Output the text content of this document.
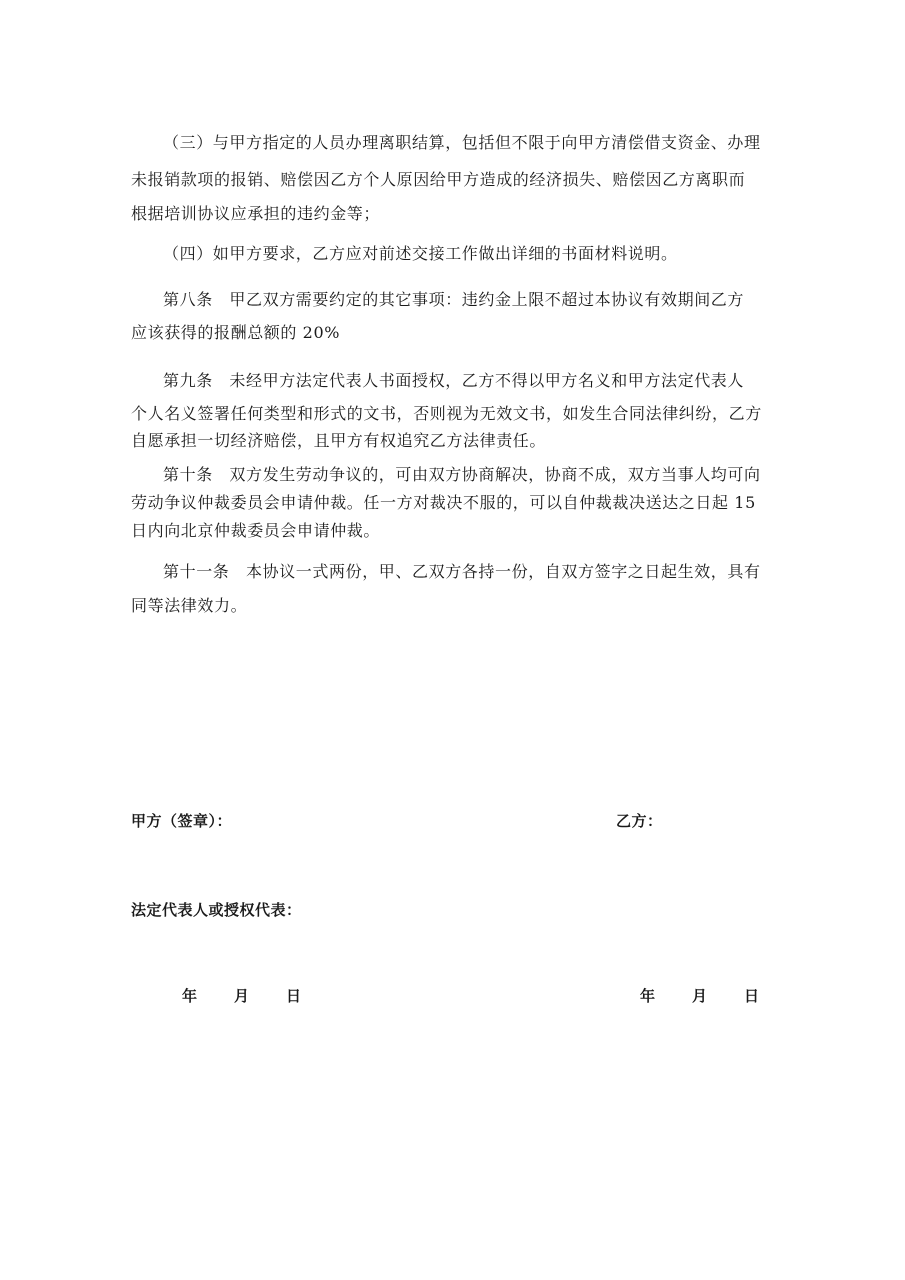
（三）与甲方指定的人员办理离职结算，包括但不限于向甲方清偿借支资金、办理
未报销款项的报销、赔偿因乙方个人原因给甲方造成的经济损失、赔偿因乙方离职而
根据培训协议应承担的违约金等；
（四）如甲方要求，乙方应对前述交接工作做出详细的书面材料说明。
第八条　甲乙双方需要约定的其它事项：违约金上限不超过本协议有效期间乙方
应该获得的报酬总额的 20%
第九条　未经甲方法定代表人书面授权，乙方不得以甲方名义和甲方法定代表人
个人名义签署任何类型和形式的文书，否则视为无效文书，如发生合同法律纠纷，乙方
自愿承担一切经济赔偿，且甲方有权追究乙方法律责任。
第十条　双方发生劳动争议的，可由双方协商解决，协商不成，双方当事人均可向
劳动争议仲裁委员会申请仲裁。任一方对裁决不服的，可以自仲裁裁决送达之日起 15
日内向北京仲裁委员会申请仲裁。
第十一条　本协议一式两份，甲、乙双方各持一份，自双方签字之日起生效，具有
同等法律效力。
甲方（签章）：	乙方：
法定代表人或授权代表：
年 月 日	年 月 日
